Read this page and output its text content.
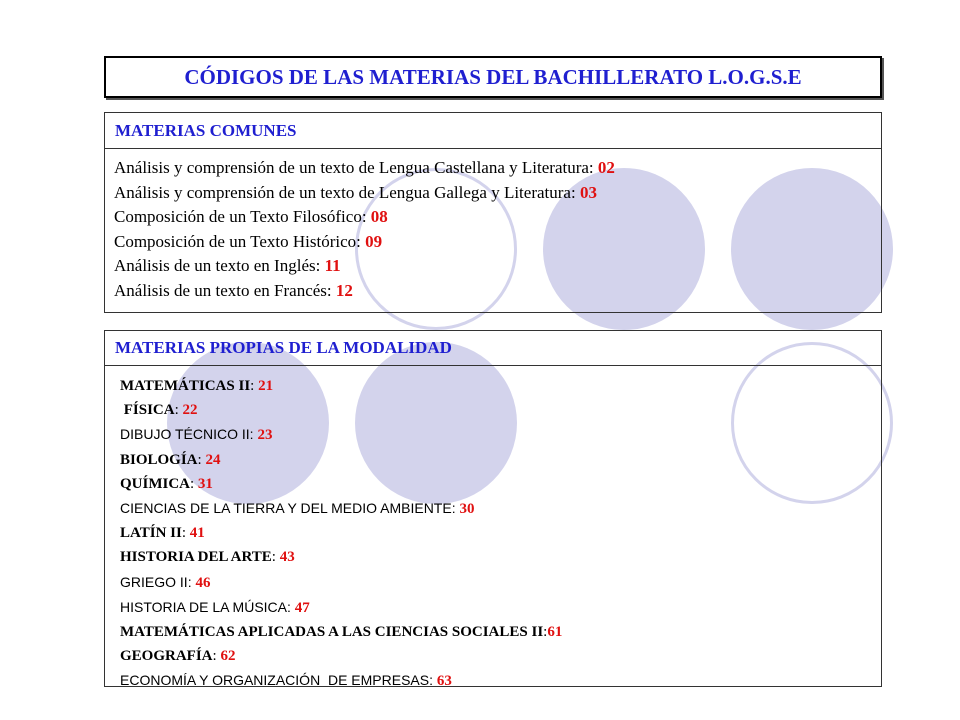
CÓDIGOS DE LAS MATERIAS DEL BACHILLERATO L.O.G.S.E
MATERIAS COMUNES
Análisis y comprensión de un texto de Lengua Castellana y Literatura: 02
Análisis y comprensión de un texto de Lengua Gallega y Literatura: 03
Composición de un Texto Filosófico: 08
Composición de un Texto Histórico: 09
Análisis de un texto en Inglés: 11
Análisis de un texto en Francés: 12
MATERIAS PROPIAS DE LA MODALIDAD
MATEMÁTICAS II: 21
FÍSICA: 22
DIBUJO TÉCNICO II: 23
BIOLOGÍA: 24
QUÍMICA: 31
CIENCIAS DE LA TIERRA Y DEL MEDIO AMBIENTE: 30
LATÍN II: 41
HISTORIA DEL ARTE: 43
GRIEGO II: 46
HISTORIA DE LA MÚSICA: 47
MATEMÁTICAS APLICADAS A LAS CIENCIAS SOCIALES II:61
GEOGRAFÍA: 62
ECONOMÍA Y ORGANIZACIÓN  DE EMPRESAS: 63
